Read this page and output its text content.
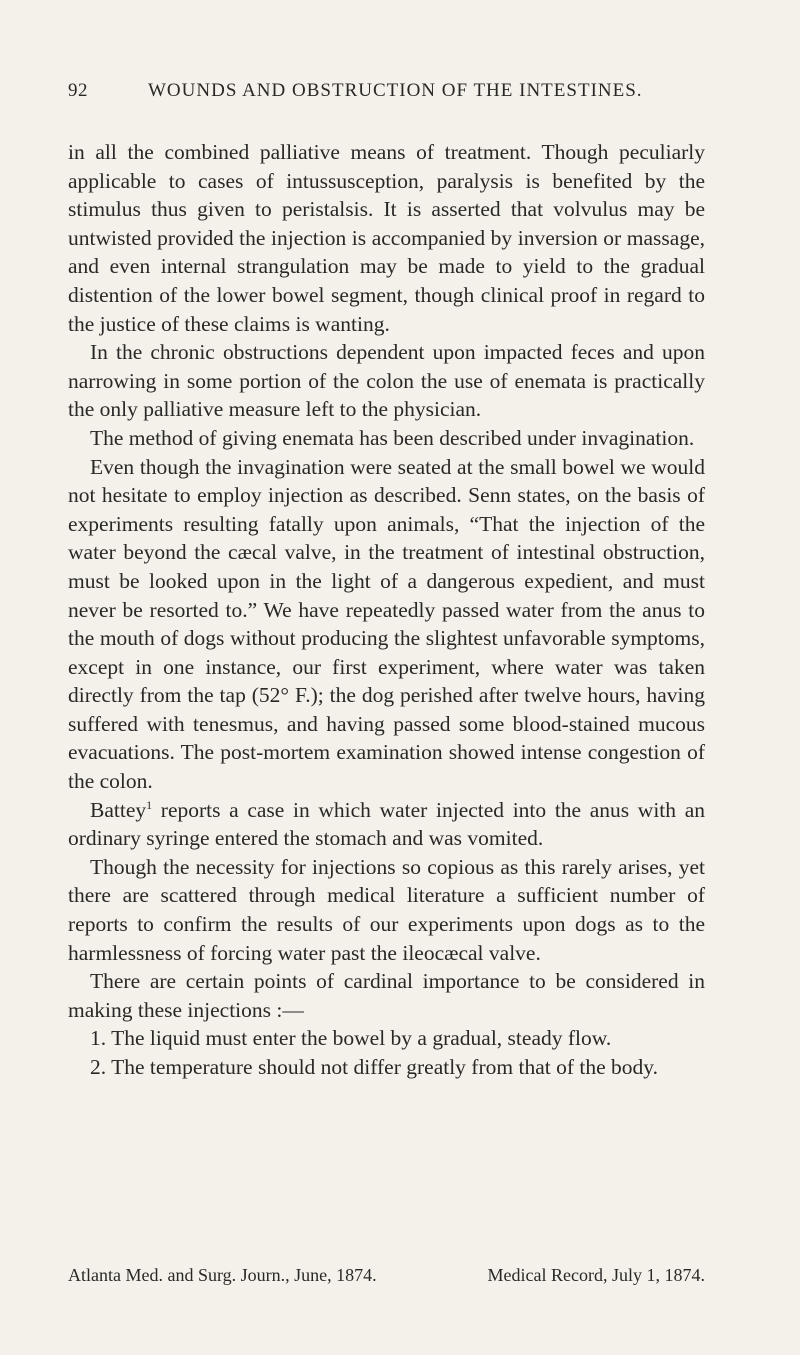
92	WOUNDS AND OBSTRUCTION OF THE INTESTINES.

in all the combined palliative means of treatment. Though peculiarly applicable to cases of intussusception, paralysis is benefited by the stimulus thus given to peristalsis. It is asserted that volvulus may be untwisted provided the injection is accompanied by inversion or massage, and even internal strangulation may be made to yield to the gradual distention of the lower bowel segment, though clinical proof in regard to the justice of these claims is wanting.

In the chronic obstructions dependent upon impacted feces and upon narrowing in some portion of the colon the use of enemata is practically the only palliative measure left to the physician.

The method of giving enemata has been described under invagination.

Even though the invagination were seated at the small bowel we would not hesitate to employ injection as described. Senn states, on the basis of experiments resulting fatally upon animals, “That the injection of the water beyond the cæcal valve, in the treatment of intestinal obstruction, must be looked upon in the light of a dangerous expedient, and must never be resorted to.” We have repeatedly passed water from the anus to the mouth of dogs without producing the slightest unfavorable symptoms, except in one instance, our first experiment, where water was taken directly from the tap (52° F.); the dog perished after twelve hours, having suffered with tenesmus, and having passed some blood-stained mucous evacuations. The post-mortem examination showed intense congestion of the colon.

Battey$^1$ reports a case in which water injected into the anus with an ordinary syringe entered the stomach and was vomited.

Though the necessity for injections so copious as this rarely arises, yet there are scattered through medical literature a sufficient number of reports to confirm the results of our experiments upon dogs as to the harmlessness of forcing water past the ileocæcal valve.

There are certain points of cardinal importance to be considered in making these injections :—

1. The liquid must enter the bowel by a gradual, steady flow.

2. The temperature should not differ greatly from that of the body.

Atlanta Med. and Surg. Journ., June, 1874.	Medical Record, July 1, 1874.
